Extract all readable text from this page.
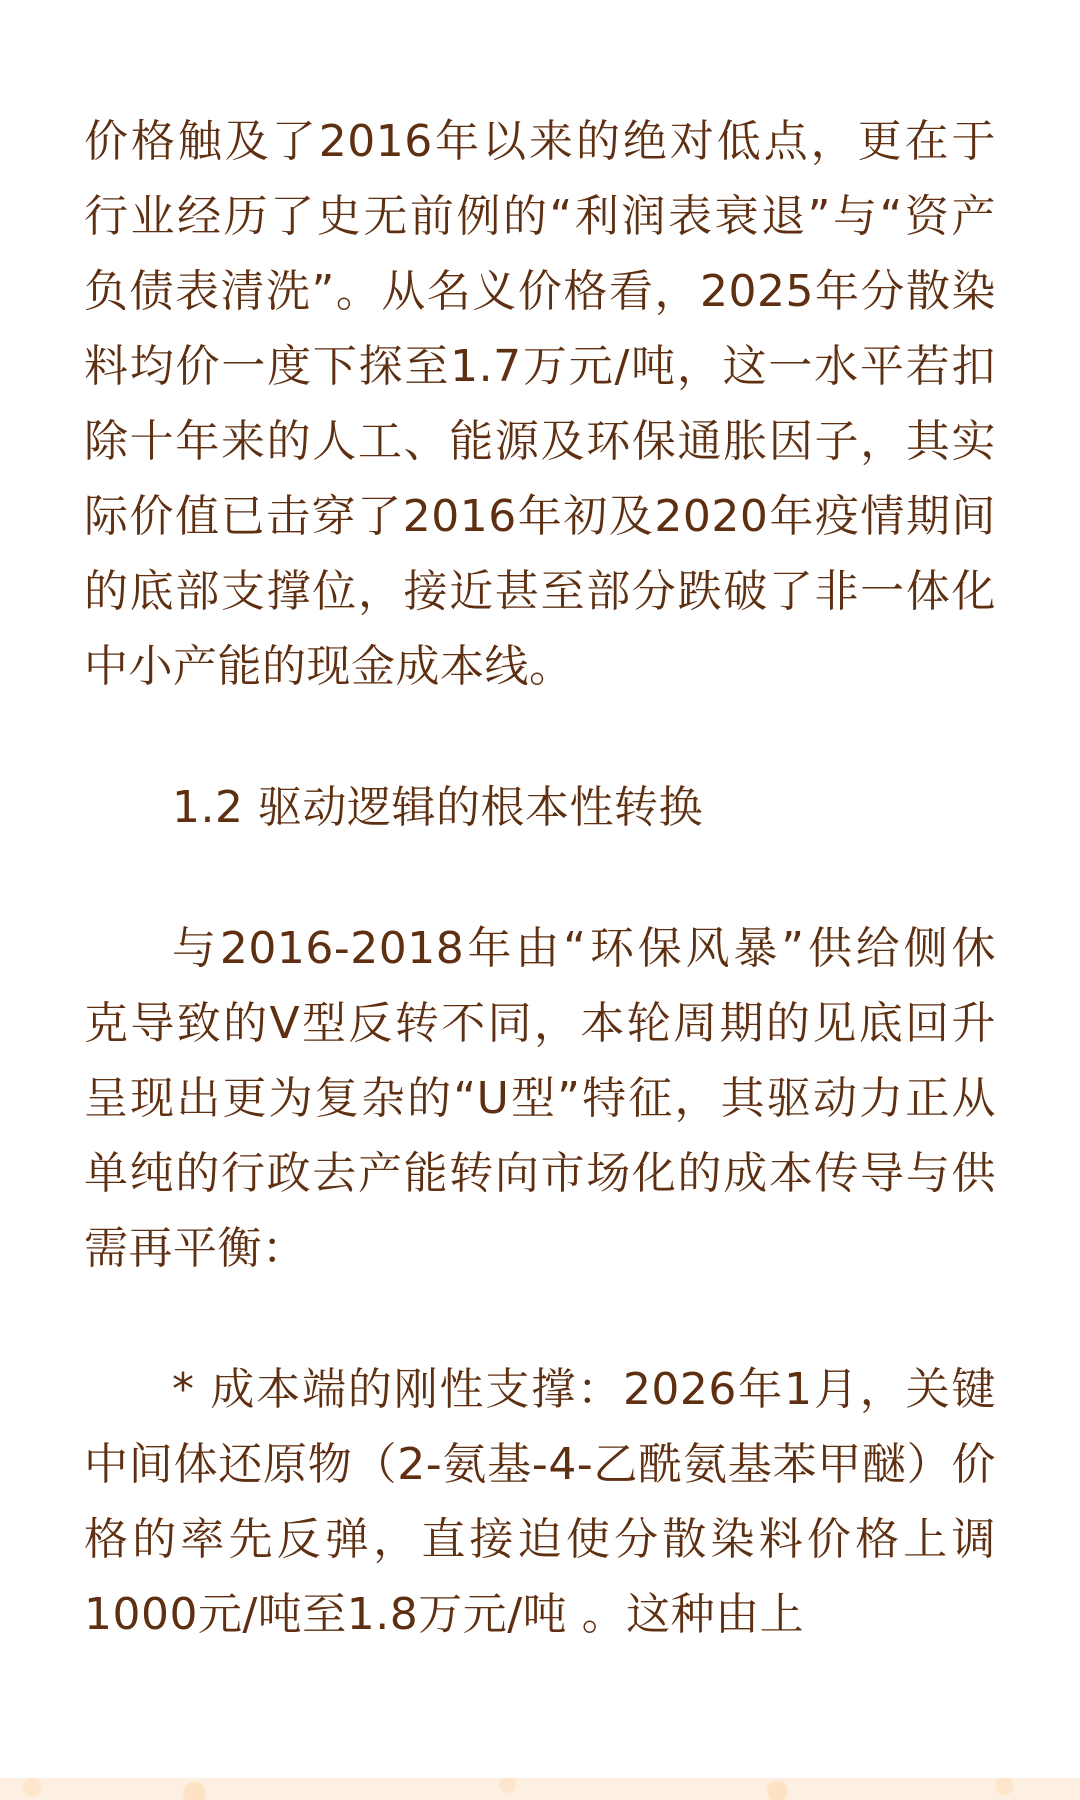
价格触及了2016年以来的绝对低点，更在于行业经历了史无前例的“利润表衰退”与“资产负债表清洗”。从名义价格看，2025年分散染料均价一度下探至1.7万元/吨，这一水平若扣除十年来的人工、能源及环保通胀因子，其实际价值已击穿了2016年初及2020年疫情期间的底部支撑位，接近甚至部分跌破了非一体化中小产能的现金成本线。

1.2 驱动逻辑的根本性转换

与2016-2018年由“环保风暴”供给侧休克导致的V型反转不同，本轮周期的见底回升呈现出更为复杂的“U型”特征，其驱动力正从单纯的行政去产能转向市场化的成本传导与供需再平衡：

* 成本端的刚性支撑：2026年1月，关键中间体还原物（2-氨基-4-乙酰氨基苯甲醚）价格的率先反弹，直接迫使分散染料价格上调1000元/吨至1.8万元/吨 。这种由上
